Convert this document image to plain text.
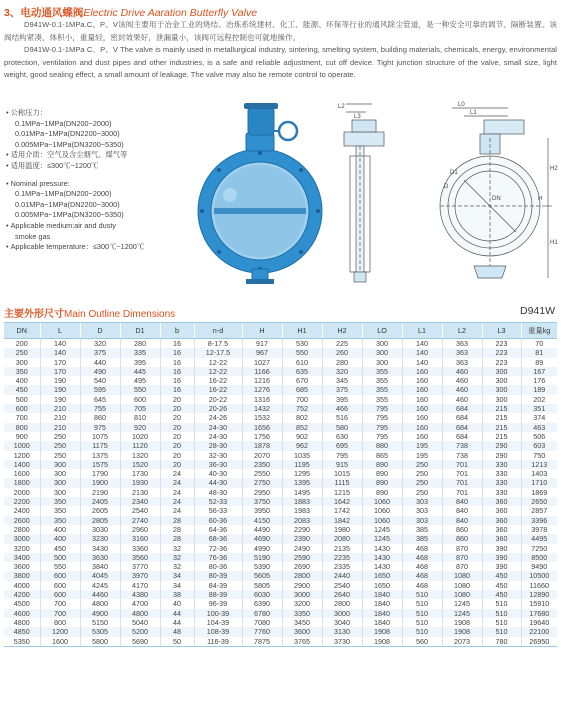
3、电动通风蝶阀Electric Drive Aaration Butterfly Valve

D941W-0.1-1MPa.C、P、V该阀主要用于冶金工业的烧结、冶炼系统建材、化工、能源、环保等行业的通风除尘管道，是一种安全可靠的调节、隔断装置。该阀结构紧凑，体积小，重量轻，密封效果好，泄漏量小，该阀可远程控制也可就地操作。

D941W-0.1-1MPa C、P、V The valve is mainly used in metallurgical industry, sintering, smelting system, building materials, chemicals, energy, environmental protection, ventilation and dust pipes and other industries, is a safe and reliable adjustment, cut off device. Tight junction structure of the valve, small size, light weight, good sealing effect, a small amount of leakage. The valve may also be remote control to operate.

• 公称压力：
0.1MPa~1MPa(DN200~2000)
0.01MPa~1MPa(DN2200~3000)
0.005MPa~1MPa(DN3200~5350)
• 适用介质：空气及含尘烟气、煤气等
• 适用温度：≤300℃~1200℃
• Nominal pressure:
0.1MPa~1MPa(DN200~2000)
0.01MPa~1MPa(DN2200~3000)
0.005MPa~1MPa(DN3200~5350)
• Applicable medium:air and dusty
smoke gas
• Applicable temperature：≤300℃~1200℃
L2
L3
L0
L1
H2
H
H1
DN
D1
D
主要外形尺寸Main Outline Dimensions	D941W
DN	L	D	D1	b	n-d	H	H1	H2	LO	L1	L2	L3	重量kg
200	140	320	280	16	8-17.5	917	530	225	300	140	363	223	70
250	140	375	335	16	12-17.5	967	550	260	300	140	363	223	81
300	170	440	395	16	12-22	1027	610	280	300	140	363	223	89
350	170	490	445	16	12-22	1166	635	320	355	160	460	300	167
400	190	540	495	16	16-22	1216	670	345	355	160	460	300	176
450	190	595	550	16	16-22	1276	685	375	355	160	460	300	189
500	190	645	600	20	20-22	1316	700	395	355	160	460	300	202
600	210	755	705	20	20-26	1432	752	466	795	160	684	215	351
700	210	860	810	20	24-26	1532	802	516	795	160	684	215	374
800	210	975	920	20	24-30	1656	852	580	795	160	684	215	463
900	250	1075	1020	20	24-30	1756	902	630	795	160	684	215	506
1000	250	1175	1120	20	28-30	1878	962	695	880	195	738	290	603
1200	250	1375	1320	20	32-30	2070	1035	795	865	195	738	290	750
1400	300	1575	1520	20	36-30	2350	1195	915	890	250	701	330	1213
1600	300	1790	1730	24	40-30	2550	1295	1015	890	250	701	330	1403
1800	300	1900	1930	24	44-30	2750	1395	1115	890	250	701	330	1710
2000	300	2190	2130	24	48-30	2950	1495	1215	890	250	701	330	1869
2200	350	2405	2340	24	52-33	3750	1883	1642	1060	303	840	360	2650
2400	350	2605	2540	24	56-33	3950	1983	1742	1060	303	840	360	2857
2600	350	2805	2740	28	60-36	4150	2083	1842	1060	303	840	360	3396
2800	400	3030	2960	28	64-36	4490	2290	1980	1245	385	860	360	3978
3000	400	3230	3160	28	68-36	4690	2390	2080	1245	385	860	360	4495
3200	450	3430	3360	32	72-36	4990	2490	2135	1430	468	870	390	7250
3400	500	3630	3560	32	76-36	5190	2590	2235	1430	468	870	390	8500
3600	550	3840	3770	32	80-36	5390	2690	2335	1430	468	870	390	9490
3800	600	4045	3970	34	80-39	5605	2800	2440	1650	468	1080	450	10500
4000	600	4245	4170	34	84-39	5805	2900	2540	1650	468	1080	450	11660
4200	600	4460	4380	38	88-39	6030	3000	2640	1840	510	1080	450	12890
4500	700	4800	4700	40	96-39	6390	3200	2800	1840	510	1245	510	15910
4600	700	4900	4800	44	100-39	6780	3350	3000	1840	510	1245	510	17680
4800	800	5150	5040	44	104-39	7080	3450	3040	1840	510	1908	510	19640
4850	1200	5305	5200	48	108-39	7760	3600	3130	1908	510	1908	510	22100
5350	1600	5800	5690	50	116-39	7875	3765	3730	1908	560	2073	780	26950
